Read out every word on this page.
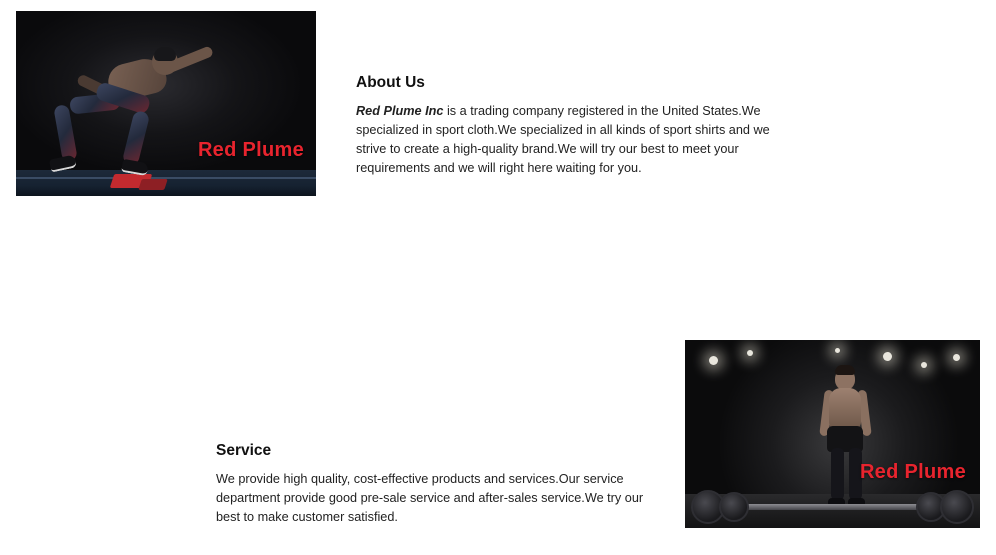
Red Plume
About Us

Red Plume Inc is a trading company registered in the United States.We specialized in sport cloth.We specialized in all kinds of sport shirts and we strive to create a high-quality brand.We will try our best to meet your requirements and we will right here waiting for you.

Service

We provide high quality, cost-effective products and services.Our service department provide good pre-sale service and after-sales service.We try our best to make customer satisfied.

Red Plume
